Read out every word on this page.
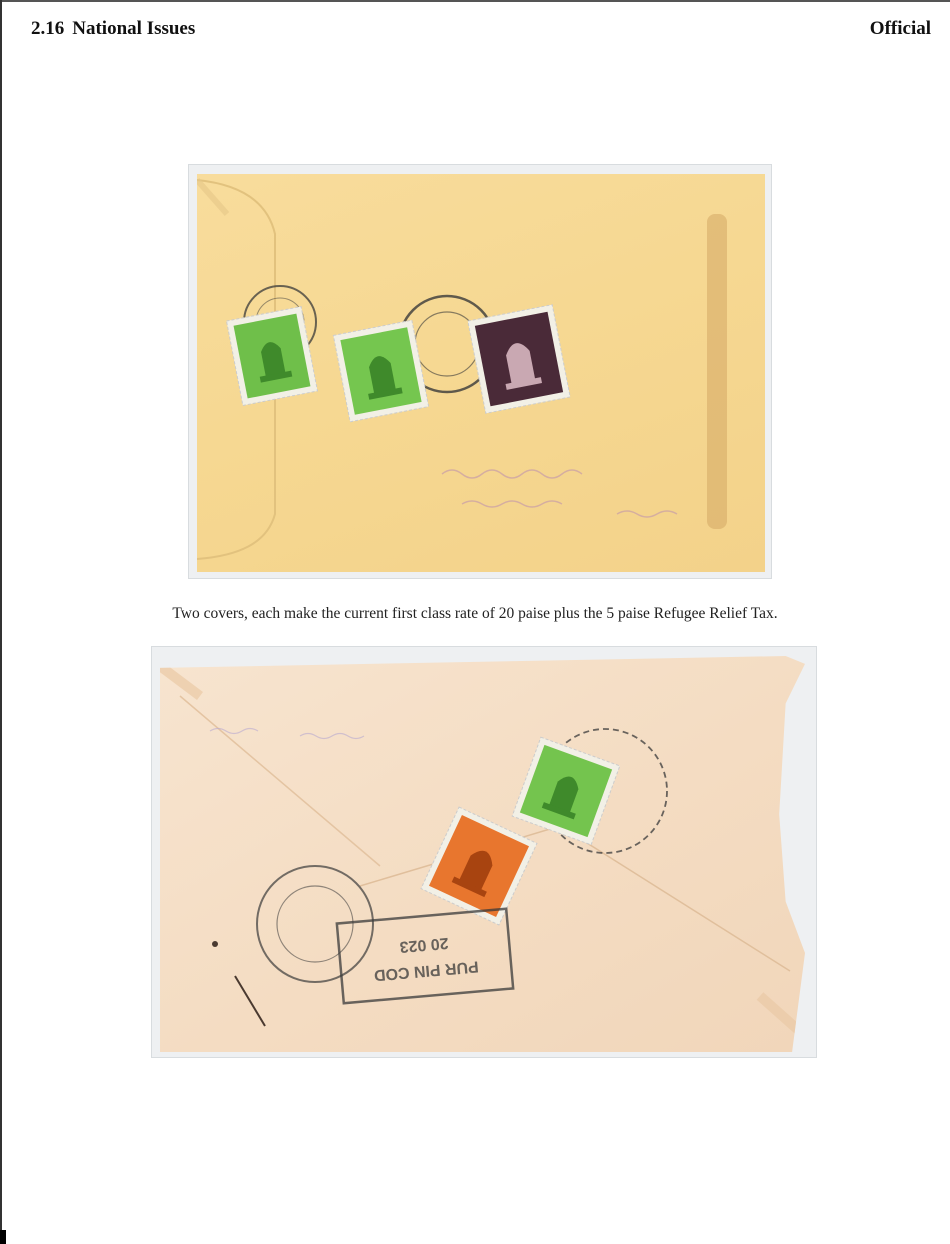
2.16 National Issues	Official
Two covers, each make the current first class rate of 20 paise plus the 5 paise Refugee Relief Tax.
PUR PIN COD
20 023
